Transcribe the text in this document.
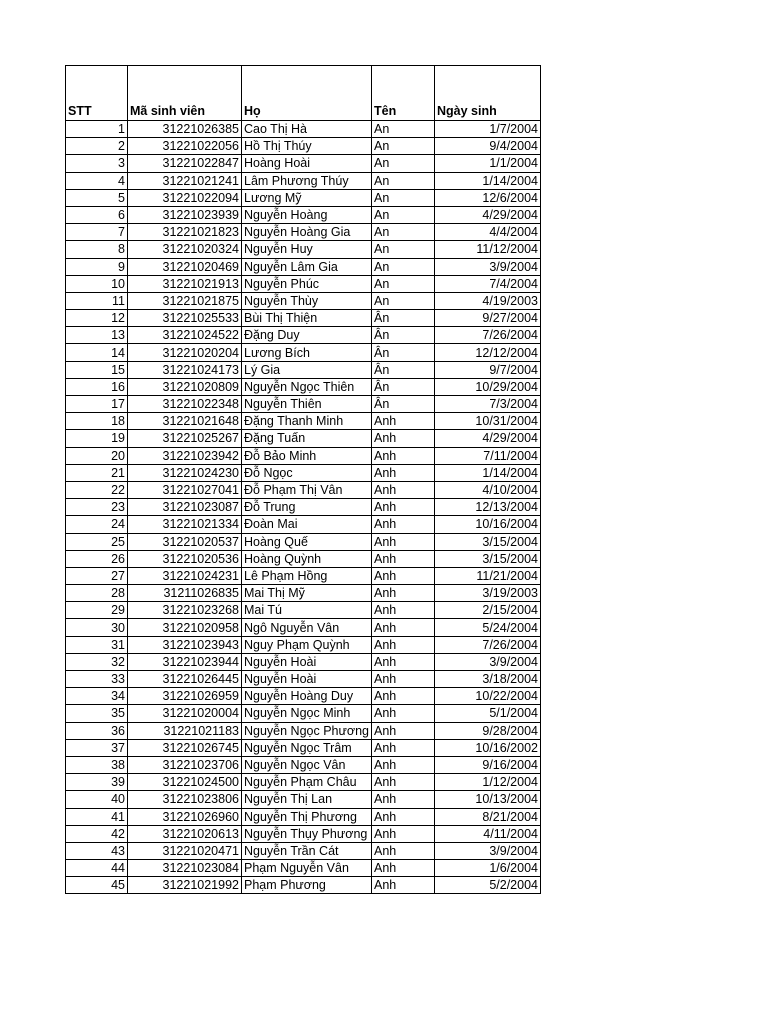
STT	Mã sinh viên	Họ	Tên	Ngày sinh
1	31221026385	Cao Thị Hà	An	1/7/2004
2	31221022056	Hồ Thị Thúy	An	9/4/2004
3	31221022847	Hoàng Hoài	An	1/1/2004
4	31221021241	Lâm Phương Thúy	An	1/14/2004
5	31221022094	Lương Mỹ	An	12/6/2004
6	31221023939	Nguyễn Hoàng	An	4/29/2004
7	31221021823	Nguyễn Hoàng Gia	An	4/4/2004
8	31221020324	Nguyễn Huy	An	11/12/2004
9	31221020469	Nguyễn Lâm Gia	An	3/9/2004
10	31221021913	Nguyễn Phúc	An	7/4/2004
11	31221021875	Nguyễn Thùy	An	4/19/2003
12	31221025533	Bùi Thị Thiện	Ân	9/27/2004
13	31221024522	Đặng Duy	Ân	7/26/2004
14	31221020204	Lương Bích	Ân	12/12/2004
15	31221024173	Lý Gia	Ân	9/7/2004
16	31221020809	Nguyễn Ngọc Thiên	Ân	10/29/2004
17	31221022348	Nguyễn Thiên	Ân	7/3/2004
18	31221021648	Đặng Thanh Minh	Anh	10/31/2004
19	31221025267	Đặng Tuấn	Anh	4/29/2004
20	31221023942	Đỗ Bảo Minh	Anh	7/11/2004
21	31221024230	Đỗ Ngọc	Anh	1/14/2004
22	31221027041	Đỗ Phạm Thị Vân	Anh	4/10/2004
23	31221023087	Đỗ Trung	Anh	12/13/2004
24	31221021334	Đoàn Mai	Anh	10/16/2004
25	31221020537	Hoàng Quế	Anh	3/15/2004
26	31221020536	Hoàng Quỳnh	Anh	3/15/2004
27	31221024231	Lê Phạm Hồng	Anh	11/21/2004
28	31211026835	Mai Thị Mỹ	Anh	3/19/2003
29	31221023268	Mai Tú	Anh	2/15/2004
30	31221020958	Ngô Nguyễn Vân	Anh	5/24/2004
31	31221023943	Nguy Phạm Quỳnh	Anh	7/26/2004
32	31221023944	Nguyễn Hoài	Anh	3/9/2004
33	31221026445	Nguyễn Hoài	Anh	3/18/2004
34	31221026959	Nguyễn Hoàng Duy	Anh	10/22/2004
35	31221020004	Nguyễn Ngọc Minh	Anh	5/1/2004
36	31221021183	Nguyễn Ngọc Phương	Anh	9/28/2004
37	31221026745	Nguyễn Ngọc Trâm	Anh	10/16/2002
38	31221023706	Nguyễn Ngọc Vân	Anh	9/16/2004
39	31221024500	Nguyễn Phạm Châu	Anh	1/12/2004
40	31221023806	Nguyễn Thị Lan	Anh	10/13/2004
41	31221026960	Nguyễn Thị Phương	Anh	8/21/2004
42	31221020613	Nguyễn Thụy Phương	Anh	4/11/2004
43	31221020471	Nguyễn Trần Cát	Anh	3/9/2004
44	31221023084	Phạm Nguyễn Vân	Anh	1/6/2004
45	31221021992	Phạm Phương	Anh	5/2/2004
